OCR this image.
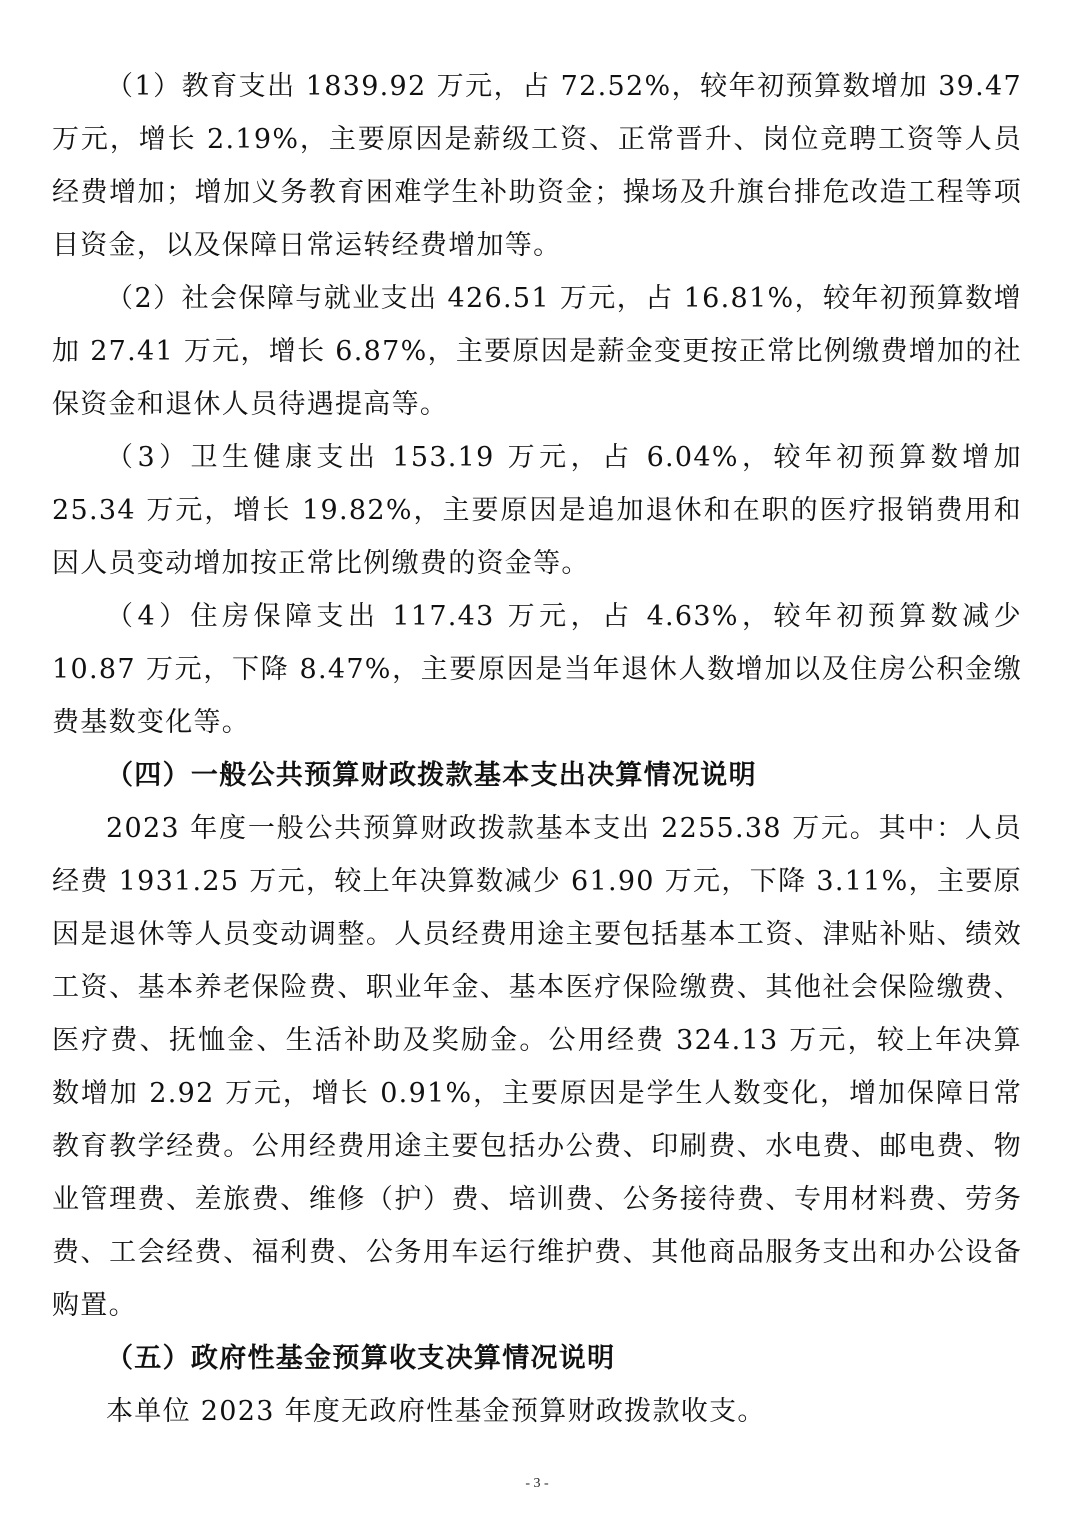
（1）教育支出 1839.92 万元，占 72.52%，较年初预算数增加 39.47 万元，增长 2.19%，主要原因是薪级工资、正常晋升、岗位竞聘工资等人员经费增加；增加义务教育困难学生补助资金；操场及升旗台排危改造工程等项目资金，以及保障日常运转经费增加等。

（2）社会保障与就业支出 426.51 万元，占 16.81%，较年初预算数增加 27.41 万元，增长 6.87%，主要原因是薪金变更按正常比例缴费增加的社保资金和退休人员待遇提高等。

（3）卫生健康支出 153.19 万元，占 6.04%，较年初预算数增加 25.34 万元，增长 19.82%，主要原因是追加退休和在职的医疗报销费用和因人员变动增加按正常比例缴费的资金等。

（4）住房保障支出 117.43 万元，占 4.63%，较年初预算数减少 10.87 万元，下降 8.47%，主要原因是当年退休人数增加以及住房公积金缴费基数变化等。

（四）一般公共预算财政拨款基本支出决算情况说明

2023 年度一般公共预算财政拨款基本支出 2255.38 万元。其中：人员经费 1931.25 万元，较上年决算数减少 61.90 万元，下降 3.11%，主要原因是退休等人员变动调整。人员经费用途主要包括基本工资、津贴补贴、绩效工资、基本养老保险费、职业年金、基本医疗保险缴费、其他社会保险缴费、医疗费、抚恤金、生活补助及奖励金。公用经费 324.13 万元，较上年决算数增加 2.92 万元，增长 0.91%，主要原因是学生人数变化，增加保障日常教育教学经费。公用经费用途主要包括办公费、印刷费、水电费、邮电费、物业管理费、差旅费、维修（护）费、培训费、公务接待费、专用材料费、劳务费、工会经费、福利费、公务用车运行维护费、其他商品服务支出和办公设备购置。

（五）政府性基金预算收支决算情况说明

本单位 2023 年度无政府性基金预算财政拨款收支。

- 3 -
